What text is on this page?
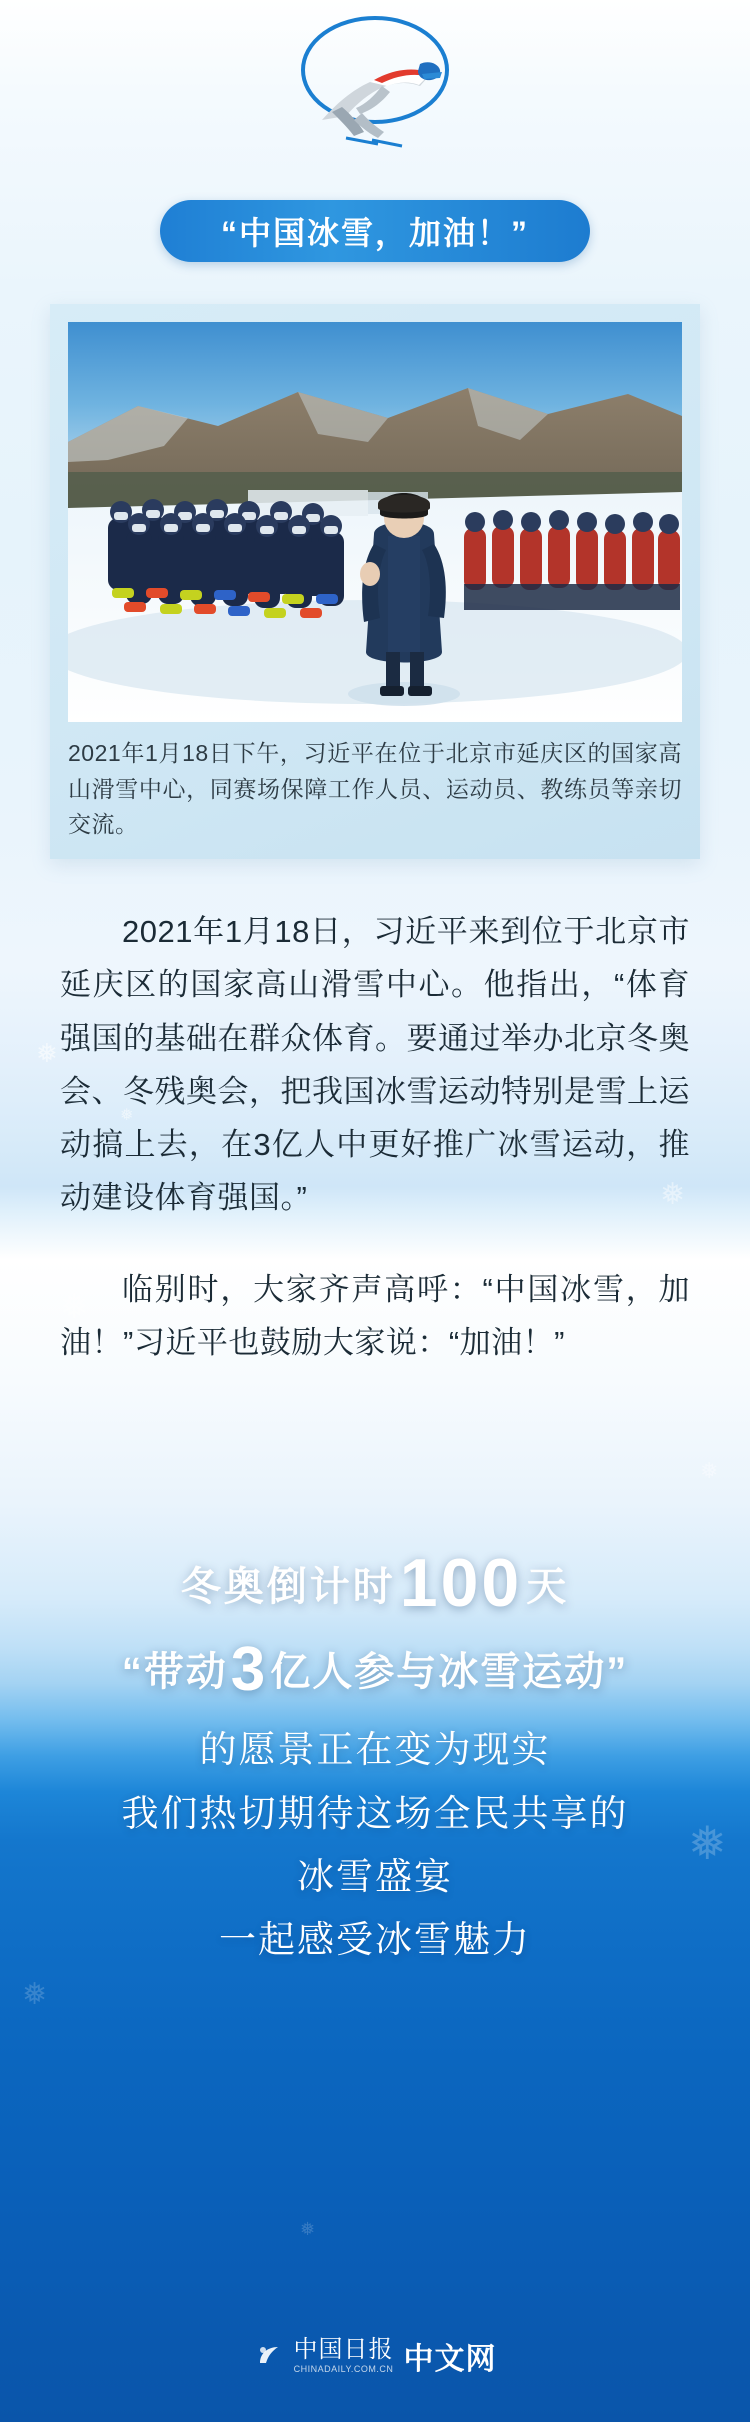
❅
❅
❅
❅
❅
❅
❅
❅
“中国冰雪，加油！”
2021年1月18日下午，习近平在位于北京市延庆区的国家高山滑雪中心，同赛场保障工作人员、运动员、教练员等亲切交流。

2021年1月18日，习近平来到位于北京市延庆区的国家高山滑雪中心。他指出，“体育强国的基础在群众体育。要通过举办北京冬奥会、冬残奥会，把我国冰雪运动特别是雪上运动搞上去，在3亿人中更好推广冰雪运动，推动建设体育强国。”

临别时，大家齐声高呼：“中国冰雪，加油！”习近平也鼓励大家说：“加油！”

冬奥倒计时100 天
“带动3亿人参与冰雪运动”
的愿景正在变为现实
我们热切期待这场全民共享的
冰雪盛宴
一起感受冰雪魅力
中国日报
CHINADAILY.COM.CN 中文网
